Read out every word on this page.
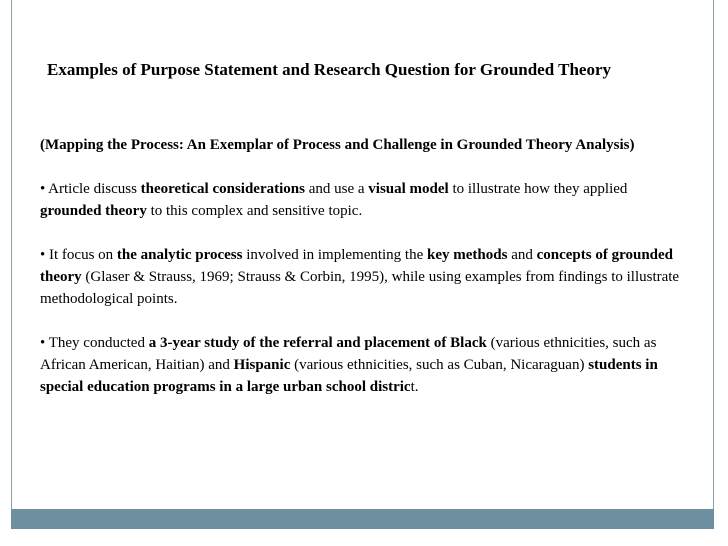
Examples of Purpose Statement and Research Question for Grounded Theory

(Mapping the Process: An Exemplar of Process and Challenge in Grounded Theory Analysis)

• Article discuss theoretical considerations and use a visual model to illustrate how they applied grounded theory to this complex and sensitive topic.

• It focus on the analytic process involved in implementing the key methods and concepts of grounded theory (Glaser & Strauss, 1969; Strauss & Corbin, 1995), while using examples from findings to illustrate methodological points.

• They conducted a 3-year study of the referral and placement of Black (various ethnicities, such as African American, Haitian) and Hispanic (various ethnicities, such as Cuban, Nicaraguan) students in special education programs in a large urban school district.
